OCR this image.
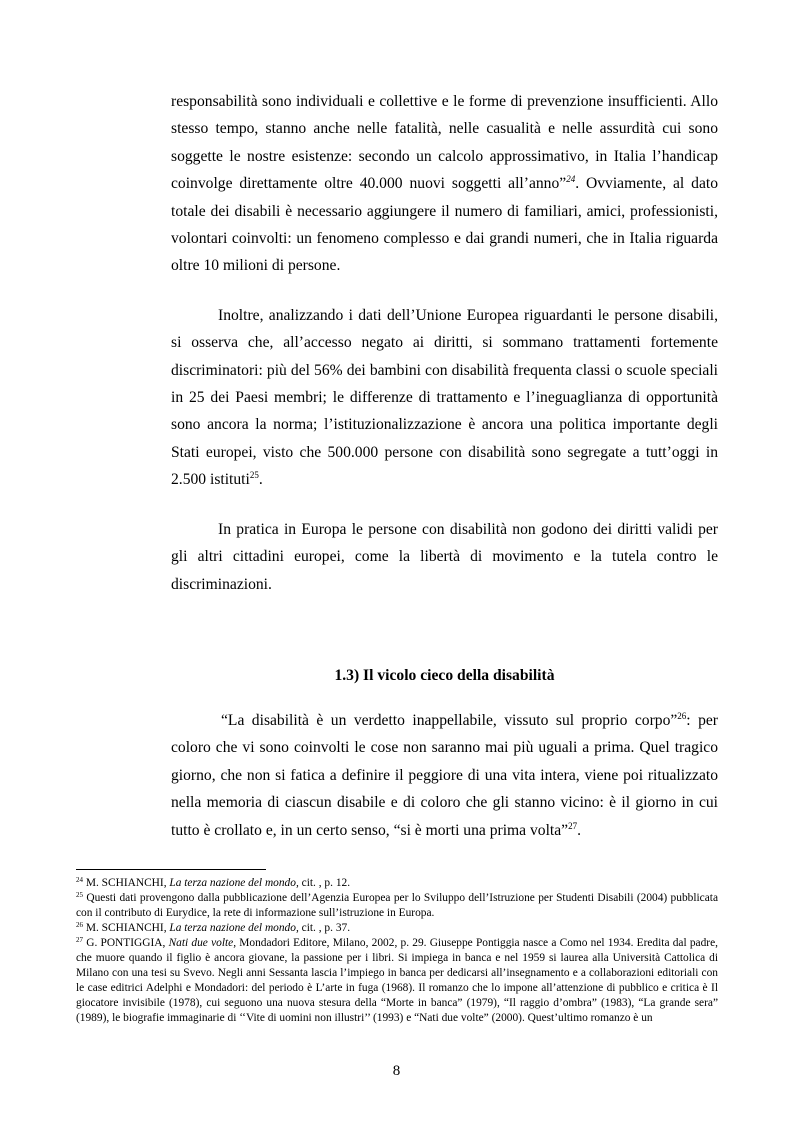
responsabilità sono individuali e collettive e le forme di prevenzione insufficienti. Allo stesso tempo, stanno anche nelle fatalità, nelle casualità e nelle assurdità cui sono soggette le nostre esistenze: secondo un calcolo approssimativo, in Italia l’handicap coinvolge direttamente oltre 40.000 nuovi soggetti all’anno”$^{24}$. Ovviamente, al dato totale dei disabili è necessario aggiungere il numero di familiari, amici, professionisti, volontari coinvolti: un fenomeno complesso e dai grandi numeri, che in Italia riguarda oltre 10 milioni di persone.

Inoltre, analizzando i dati dell’Unione Europea riguardanti le persone disabili, si osserva che, all’accesso negato ai diritti, si sommano trattamenti fortemente discriminatori: più del 56% dei bambini con disabilità frequenta classi o scuole speciali in 25 dei Paesi membri; le differenze di trattamento e l’ineguaglianza di opportunità sono ancora la norma; l’istituzionalizzazione è ancora una politica importante degli Stati europei, visto che 500.000 persone con disabilità sono segregate a tutt’oggi in 2.500 istituti$^{25}$.

In pratica in Europa le persone con disabilità non godono dei diritti validi per gli altri cittadini europei, come la libertà di movimento e la tutela contro le discriminazioni.

1.3) Il vicolo cieco della disabilità

“La disabilità è un verdetto inappellabile, vissuto sul proprio corpo”$^{26}$: per coloro che vi sono coinvolti le cose non saranno mai più uguali a prima. Quel tragico giorno, che non si fatica a definire il peggiore di una vita intera, viene poi ritualizzato nella memoria di ciascun disabile e di coloro che gli stanno vicino: è il giorno in cui tutto è crollato e, in un certo senso, “si è morti una prima volta”$^{27}$.

$^{24}$ M. SCHIANCHI, La terza nazione del mondo, cit. , p. 12.

$^{25}$ Questi dati provengono dalla pubblicazione dell’Agenzia Europea per lo Sviluppo dell’Istruzione per Studenti Disabili (2004) pubblicata con il contributo di Eurydice, la rete di informazione sull’istruzione in Europa.

$^{26}$ M. SCHIANCHI, La terza nazione del mondo, cit. , p. 37.

$^{27}$ G. PONTIGGIA, Nati due volte, Mondadori Editore, Milano, 2002, p. 29. Giuseppe Pontiggia nasce a Como nel 1934. Eredita dal padre, che muore quando il figlio è ancora giovane, la passione per i libri. Si impiega in banca e nel 1959 si laurea alla Università Cattolica di Milano con una tesi su Svevo. Negli anni Sessanta lascia l’impiego in banca per dedicarsi all’insegnamento e a collaborazioni editoriali con le case editrici Adelphi e Mondadori: del periodo è L’arte in fuga (1968). Il romanzo che lo impone all’attenzione di pubblico e critica è Il giocatore invisibile (1978), cui seguono una nuova stesura della “Morte in banca” (1979), “Il raggio d’ombra” (1983), “La grande sera” (1989), le biografie immaginarie di ‘‘Vite di uomini non illustri’’ (1993) e “Nati due volte” (2000). Quest’ultimo romanzo è un

8
